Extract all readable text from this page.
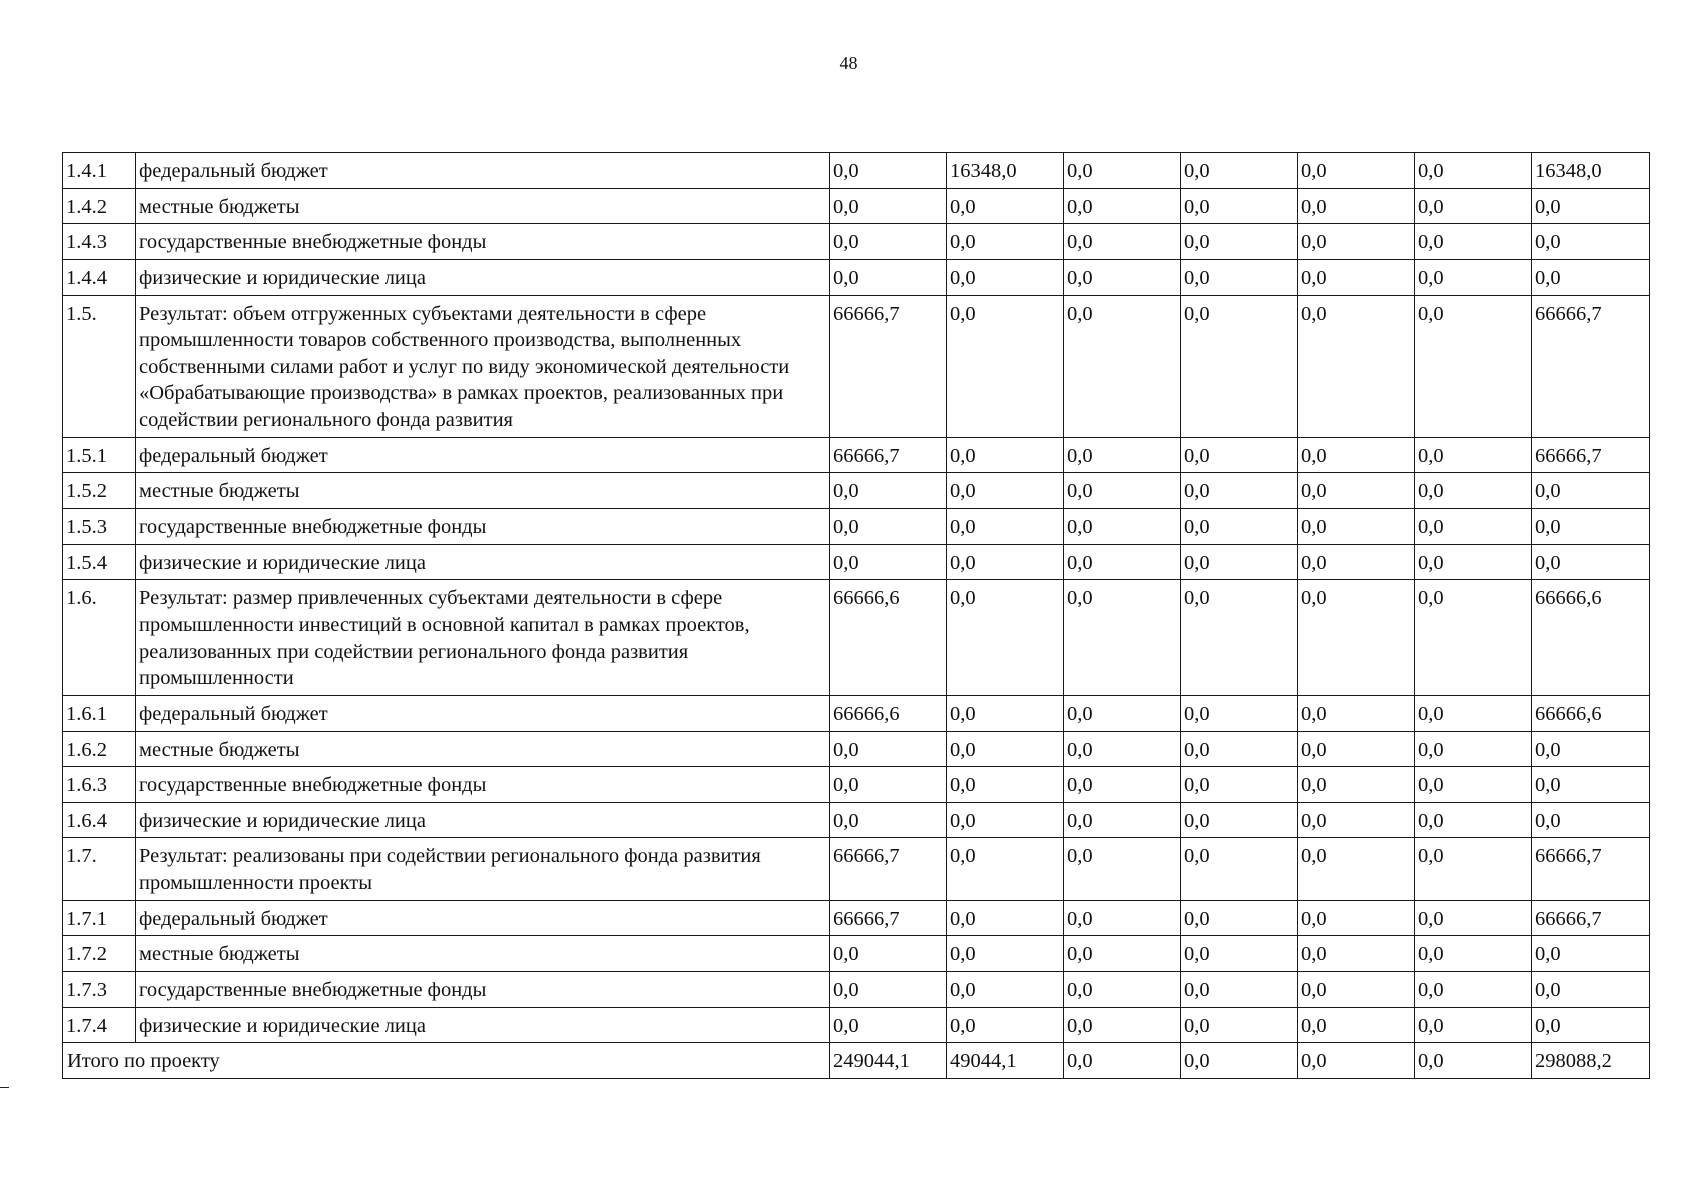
48
1.4.1	федеральный бюджет	0,0	16348,0	0,0	0,0	0,0	0,0	16348,0
1.4.2	местные бюджеты	0,0	0,0	0,0	0,0	0,0	0,0	0,0
1.4.3	государственные внебюджетные фонды	0,0	0,0	0,0	0,0	0,0	0,0	0,0
1.4.4	физические и юридические лица	0,0	0,0	0,0	0,0	0,0	0,0	0,0
1.5.	Результат: объем отгруженных субъектами деятельности в сфере промышленности товаров собственного производства, выполненных собственными силами работ и услуг по виду экономической деятельности «Обрабатывающие производства» в рамках проектов, реализованных при содействии регионального фонда развития	66666,7	0,0	0,0	0,0	0,0	0,0	66666,7
1.5.1	федеральный бюджет	66666,7	0,0	0,0	0,0	0,0	0,0	66666,7
1.5.2	местные бюджеты	0,0	0,0	0,0	0,0	0,0	0,0	0,0
1.5.3	государственные внебюджетные фонды	0,0	0,0	0,0	0,0	0,0	0,0	0,0
1.5.4	физические и юридические лица	0,0	0,0	0,0	0,0	0,0	0,0	0,0
1.6.	Результат: размер привлеченных субъектами деятельности в сфере промышленности инвестиций в основной капитал в рамках проектов, реализованных при содействии регионального фонда развития промышленности	66666,6	0,0	0,0	0,0	0,0	0,0	66666,6
1.6.1	федеральный бюджет	66666,6	0,0	0,0	0,0	0,0	0,0	66666,6
1.6.2	местные бюджеты	0,0	0,0	0,0	0,0	0,0	0,0	0,0
1.6.3	государственные внебюджетные фонды	0,0	0,0	0,0	0,0	0,0	0,0	0,0
1.6.4	физические и юридические лица	0,0	0,0	0,0	0,0	0,0	0,0	0,0
1.7.	Результат: реализованы при содействии регионального фонда развития промышленности проекты	66666,7	0,0	0,0	0,0	0,0	0,0	66666,7
1.7.1	федеральный бюджет	66666,7	0,0	0,0	0,0	0,0	0,0	66666,7
1.7.2	местные бюджеты	0,0	0,0	0,0	0,0	0,0	0,0	0,0
1.7.3	государственные внебюджетные фонды	0,0	0,0	0,0	0,0	0,0	0,0	0,0
1.7.4	физические и юридические лица	0,0	0,0	0,0	0,0	0,0	0,0	0,0
Итого по проекту		249044,1	49044,1	0,0	0,0	0,0	0,0	298088,2
